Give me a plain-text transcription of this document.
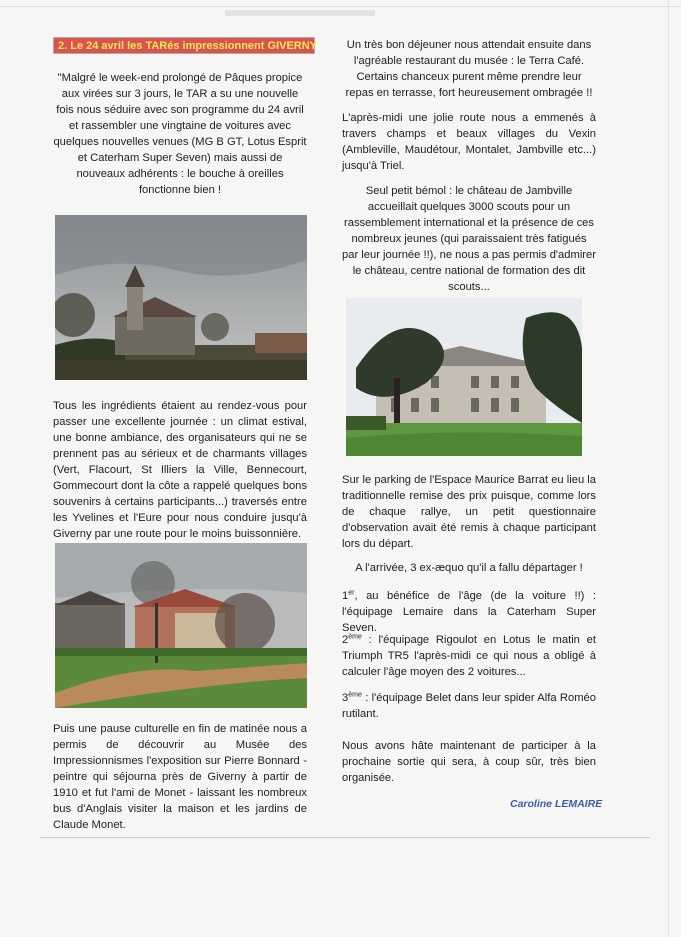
2. Le 24 avril les TARés impressionnent GIVERNY

"Malgré le week-end prolongé de Pâques propice aux virées sur 3 jours, le TAR a su une nouvelle fois nous séduire avec son programme du 24 avril et rassembler une vingtaine de voitures avec quelques nouvelles venues (MG B GT, Lotus Esprit et Caterham Super Seven) mais aussi de nouveaux adhérents : le bouche à oreilles fonctionne bien !

Tous les ingrédients étaient au rendez-vous pour passer une excellente journée : un climat estival, une bonne ambiance, des organisateurs qui ne se prennent pas au sérieux et de charmants villages (Vert, Flacourt, St Illiers la Ville, Bennecourt, Gommecourt dont la côte a rappelé quelques bons souvenirs à certains participants...) traversés entre les Yvelines et l'Eure pour nous conduire jusqu'à Giverny par une route pour le moins buissonnière.

Puis une pause culturelle en fin de matinée nous a permis de découvrir au Musée des Impressionnismes l'exposition sur Pierre Bonnard - peintre qui séjourna près de Giverny à partir de 1910 et fut l'ami de Monet - laissant les nombreux bus d'Anglais visiter la maison et les jardins de Claude Monet.

Un très bon déjeuner nous attendait ensuite dans l'agréable restaurant du musée : le Terra Café. Certains chanceux purent même prendre leur repas en terrasse, fort heureusement ombragée !!

L'après-midi une jolie route nous a emmenés à travers champs et beaux villages du Vexin (Ambleville, Maudétour, Montalet, Jambville etc...) jusqu'à Triel.

Seul petit bémol : le château de Jambville accueillait quelques 3000 scouts pour un rassemblement international et la présence de ces nombreux jeunes (qui paraissaient très fatigués par leur journée !!), ne nous a pas permis d'admirer le château, centre national de formation des dit scouts...

Sur le parking de l'Espace Maurice Barrat eu lieu la traditionnelle remise des prix puisque, comme lors de chaque rallye, un petit questionnaire d'observation avait été remis à chaque participant lors du départ.

A l'arrivée, 3 ex-æquo qu'il a fallu départager !

1er, au bénéfice de l'âge (de la voiture !!) : l'équipage Lemaire dans la Caterham Super Seven.

2ème : l'équipage Rigoulot en Lotus le matin et Triumph TR5 l'après-midi ce qui nous a obligé à calculer l'âge moyen des 2 voitures...

3ème : l'équipage Belet dans leur spider Alfa Roméo rutilant.

Nous avons hâte maintenant de participer à la prochaine sortie qui sera, à coup sûr, très bien organisée.

Caroline LEMAIRE
